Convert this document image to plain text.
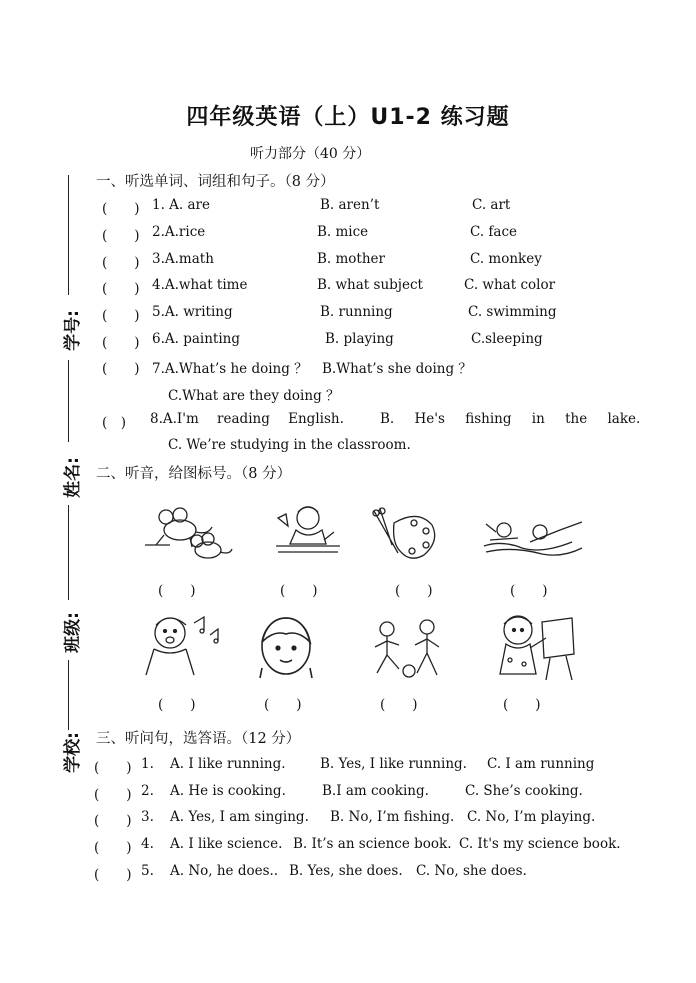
四年级英语（上）U1-2 练习题
听力部分（40 分）
学号:
姓名:
班级:
学校:
一、听选单词、词组和句子。（8 分）
(　　) 1. A. are	B. aren’t	C. art
(　　) 2.A.rice	B. mice	C. face
(　　) 3.A.math	B. mother	C. monkey
(　　) 4.A.what time	B. what subject	C. what color
(　　) 5.A. writing	B. running	C. swimming
(　　) 6.A. painting	B. playing	C.sleeping
(　　) 7.A.What’s he doing ？ B.What’s she doing ？
C.What are they doing ？
(　) 8.A.I'm reading English.	B. He's fishing in the lake.
C. We’re studying in the classroom.
二、听音，给图标号。（8 分）
(　　)	(　　)	(　　)	(　　)
(　　)	(　　)	(　　)	(　　)
三、听问句，选答语。（12 分）
(　　) 1. A. I like running.	B. Yes, I like running. C. I am running
(　　) 2. A. He is cooking.	B.I am cooking.	C. She’s cooking.
(　　) 3. A. Yes, I am singing. B. No, I’m fishing. C. No, I’m playing.
(　　) 4. A. I like science. B. It’s an science book. C. It's my science book.
(　　) 5. A. No, he does.. B. Yes, she does. C. No, she does.
